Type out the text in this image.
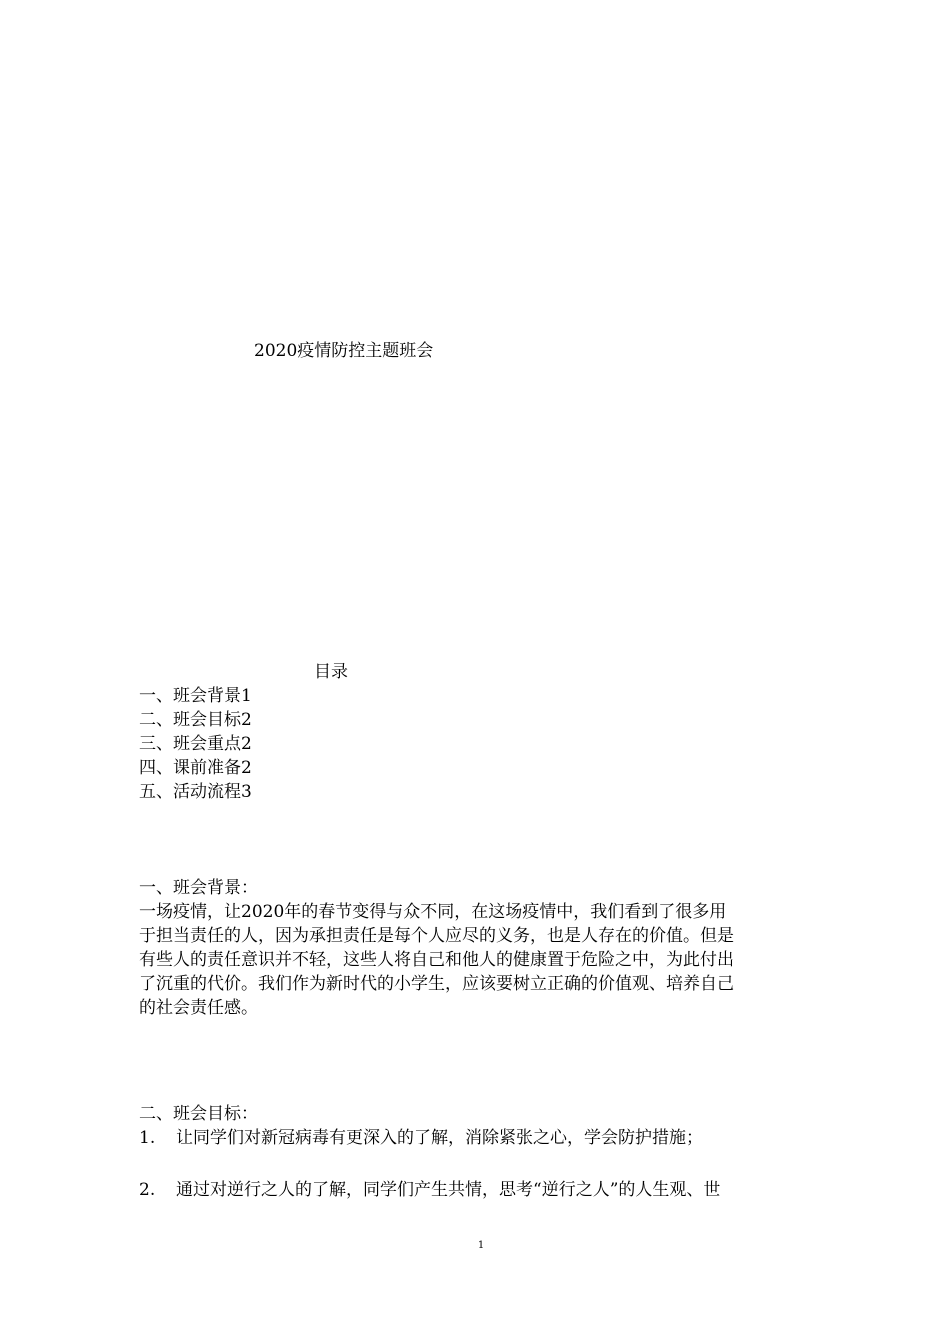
2020疫情防控主题班会
目录
一、班会背景1
二、班会目标2
三、班会重点2
四、课前准备2
五、活动流程3
一、班会背景：
一场疫情，让2020年的春节变得与众不同，在这场疫情中，我们看到了很多用
于担当责任的人，因为承担责任是每个人应尽的义务，也是人存在的价值。但是
有些人的责任意识并不轻，这些人将自己和他人的健康置于危险之中，为此付出
了沉重的代价。我们作为新时代的小学生，应该要树立正确的价值观、培养自己
的社会责任感。
二、班会目标：
1. 让同学们对新冠病毒有更深入的了解，消除紧张之心，学会防护措施；
2. 通过对逆行之人的了解，同学们产生共情，思考“逆行之人”的人生观、世
1
